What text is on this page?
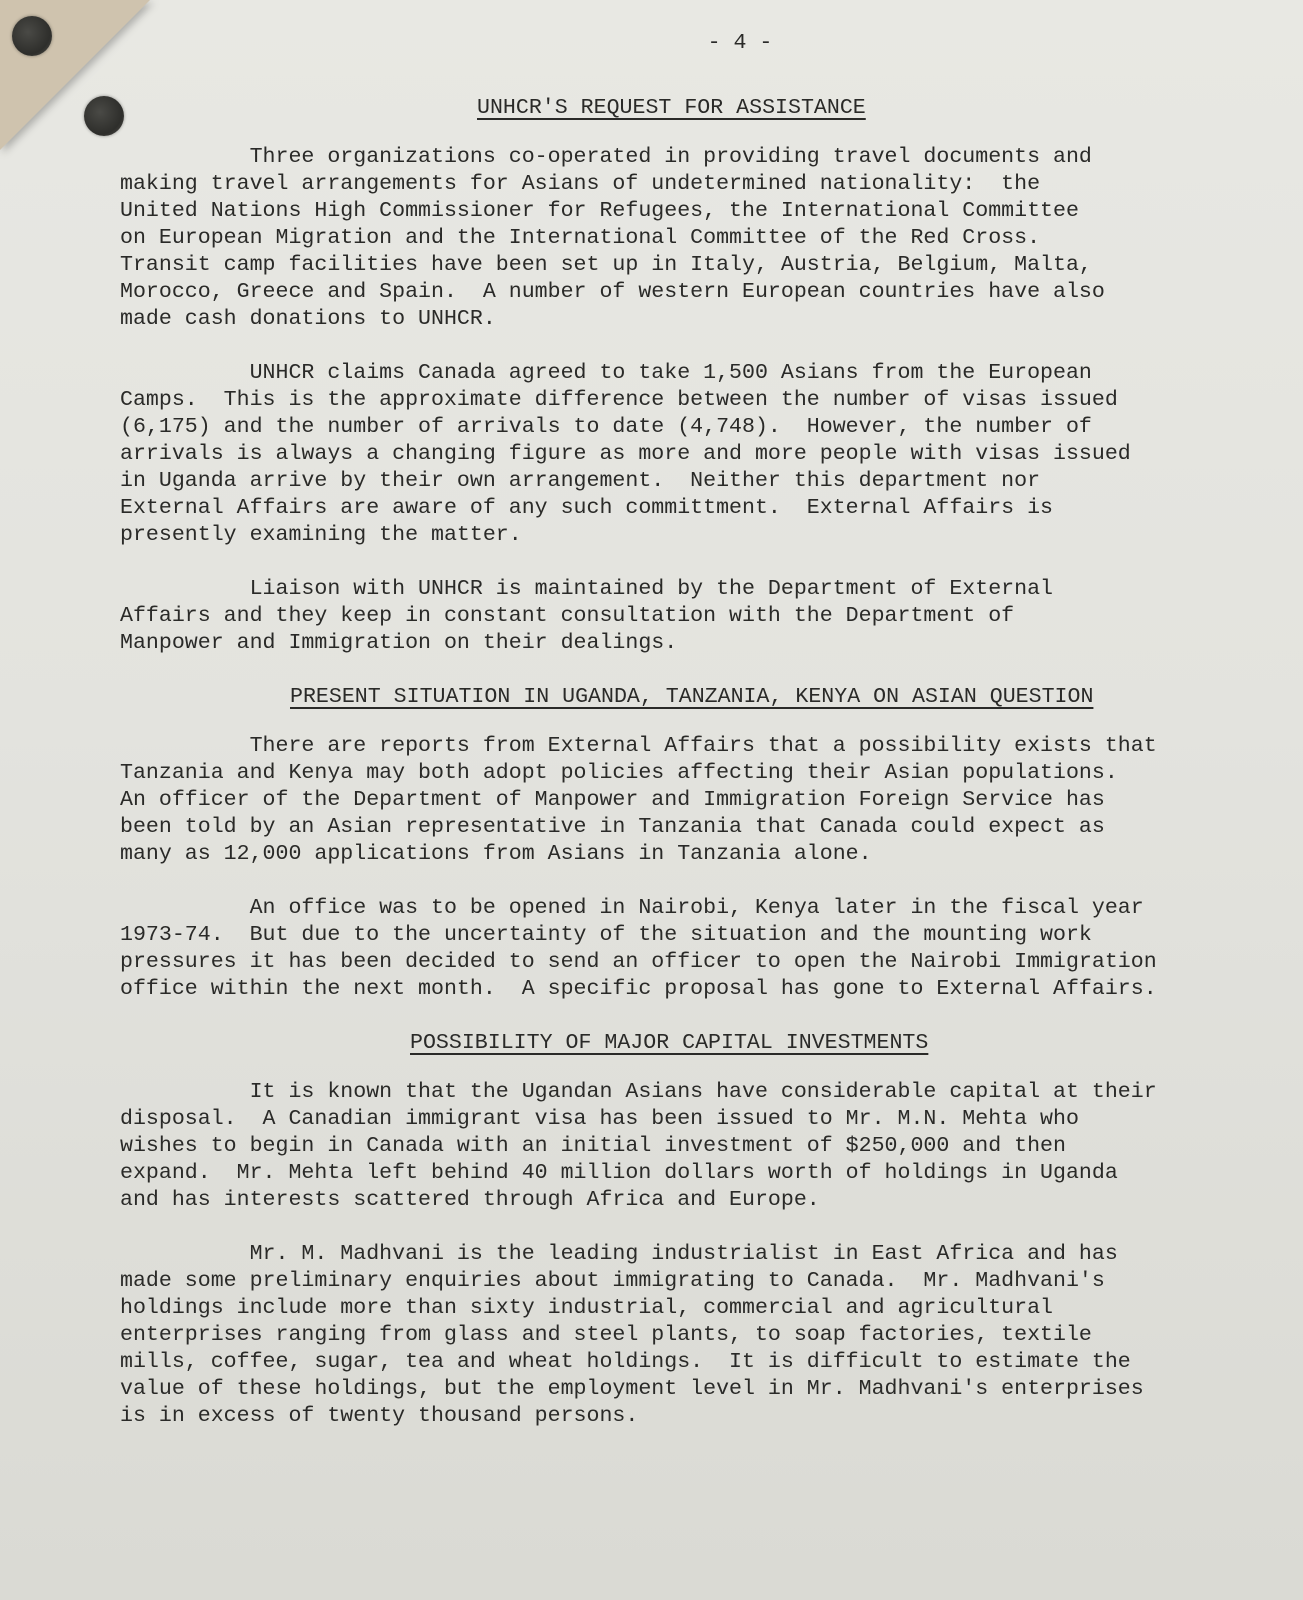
- 4 -
UNHCR'S REQUEST FOR ASSISTANCE

Three organizations co-operated in providing travel documents and
making travel arrangements for Asians of undetermined nationality:  the
United Nations High Commissioner for Refugees, the International Committee
on European Migration and the International Committee of the Red Cross.
Transit camp facilities have been set up in Italy, Austria, Belgium, Malta,
Morocco, Greece and Spain.  A number of western European countries have also
made cash donations to UNHCR.

UNHCR claims Canada agreed to take 1,500 Asians from the European
Camps.  This is the approximate difference between the number of visas issued
(6,175) and the number of arrivals to date (4,748).  However, the number of
arrivals is always a changing figure as more and more people with visas issued
in Uganda arrive by their own arrangement.  Neither this department nor
External Affairs are aware of any such committment.  External Affairs is
presently examining the matter.

Liaison with UNHCR is maintained by the Department of External
Affairs and they keep in constant consultation with the Department of
Manpower and Immigration on their dealings.

PRESENT SITUATION IN UGANDA, TANZANIA, KENYA ON ASIAN QUESTION

There are reports from External Affairs that a possibility exists that
Tanzania and Kenya may both adopt policies affecting their Asian populations.
An officer of the Department of Manpower and Immigration Foreign Service has
been told by an Asian representative in Tanzania that Canada could expect as
many as 12,000 applications from Asians in Tanzania alone.

An office was to be opened in Nairobi, Kenya later in the fiscal year
1973-74.  But due to the uncertainty of the situation and the mounting work
pressures it has been decided to send an officer to open the Nairobi Immigration
office within the next month.  A specific proposal has gone to External Affairs.

POSSIBILITY OF MAJOR CAPITAL INVESTMENTS

It is known that the Ugandan Asians have considerable capital at their
disposal.  A Canadian immigrant visa has been issued to Mr. M.N. Mehta who
wishes to begin in Canada with an initial investment of $250,000 and then
expand.  Mr. Mehta left behind 40 million dollars worth of holdings in Uganda
and has interests scattered through Africa and Europe.

Mr. M. Madhvani is the leading industrialist in East Africa and has
made some preliminary enquiries about immigrating to Canada.  Mr. Madhvani's
holdings include more than sixty industrial, commercial and agricultural
enterprises ranging from glass and steel plants, to soap factories, textile
mills, coffee, sugar, tea and wheat holdings.  It is difficult to estimate the
value of these holdings, but the employment level in Mr. Madhvani's enterprises
is in excess of twenty thousand persons.
